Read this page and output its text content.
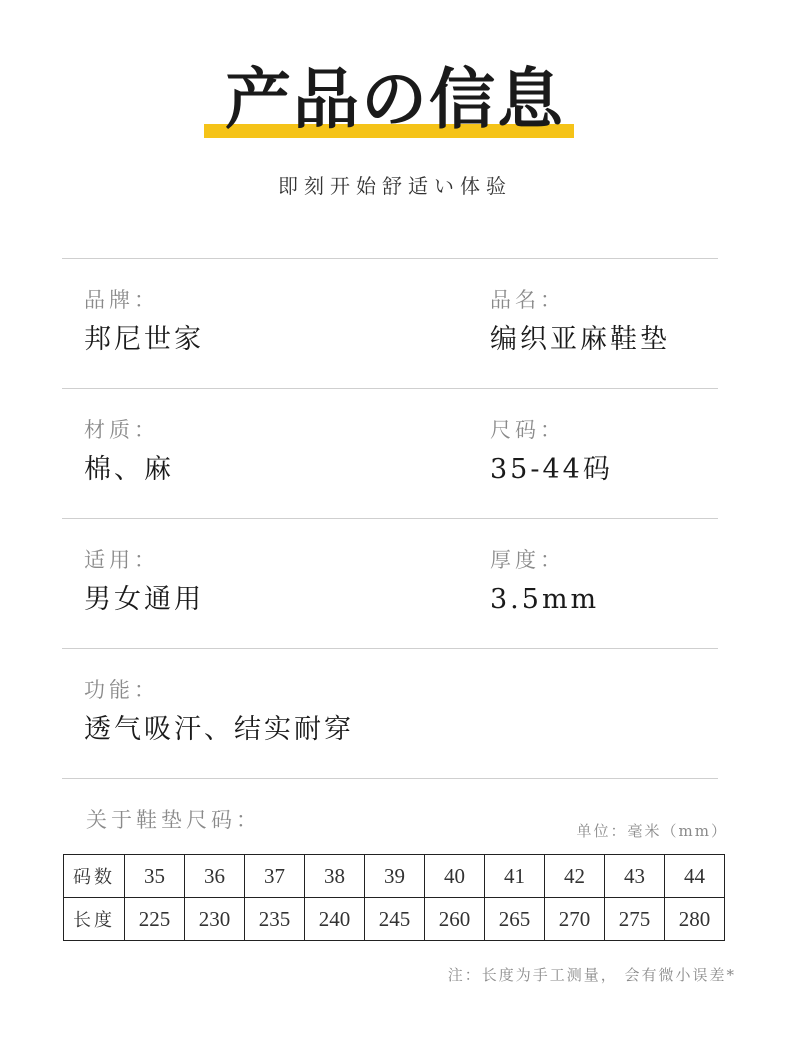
产品の信息
即刻开始舒适い体验
品牌：
邦尼世家
品名：
编织亚麻鞋垫
材质：
棉、麻
尺码：
35-44码
适用：
男女通用
厚度：
3.5mm
功能：
透气吸汗、结实耐穿
关于鞋垫尺码：	单位：毫米（mm）
码数	35	36	37	38	39	40	41	42	43	44
长度	225	230	235	240	245	260	265	270	275	280
注：长度为手工测量， 会有微小误差*
